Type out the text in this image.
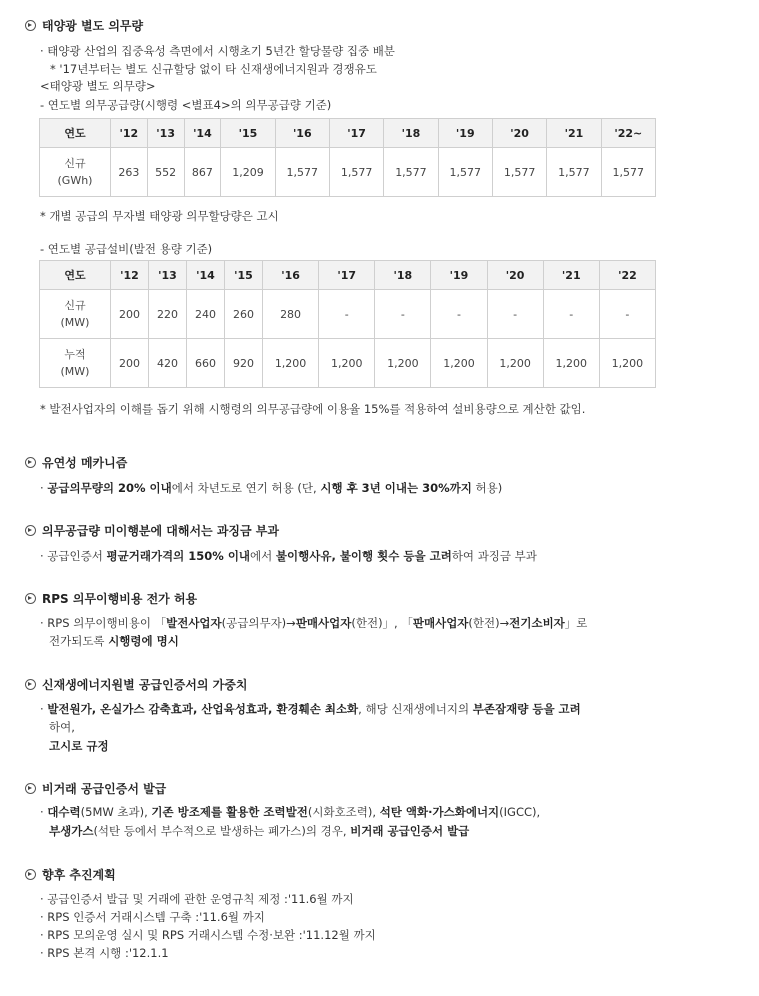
태양광 별도 의무량
· 태양광 산업의 집중육성 측면에서 시행초기 5년간 할당물량 집중 배분
* '17년부터는 별도 신규할당 없이 타 신재생에너지원과 경쟁유도
<태양광 별도 의무량>
- 연도별 의무공급량(시행령 <별표4>의 의무공급량 기준)
연도	'12	'13	'14	'15	'16	'17	'18	'19	'20	'21	'22~
신규
(GWh)	263	552	867	1,209	1,577	1,577	1,577	1,577	1,577	1,577	1,577
* 개별 공급의 무자별 태양광 의무할당량은 고시
- 연도별 공급설비(발전 용량 기준)
연도	'12	'13	'14	'15	'16	'17	'18	'19	'20	'21	'22
신규
(MW)	200	220	240	260	280	-	-	-	-	-	-
누적
(MW)	200	420	660	920	1,200	1,200	1,200	1,200	1,200	1,200	1,200
* 발전사업자의 이해를 돕기 위해 시행령의 의무공급량에 이용율 15%를 적용하여 설비용량으로 계산한 값임.
유연성 메카니즘
· 공급의무량의 20% 이내에서 차년도로 연기 허용 (단, 시행 후 3년 이내는 30%까지 허용)
의무공급량 미이행분에 대해서는 과징금 부과
· 공급인증서 평균거래가격의 150% 이내에서 불이행사유, 불이행 횟수 등을 고려하여 과징금 부과
RPS 의무이행비용 전가 허용
· RPS 의무이행비용이 「발전사업자(공급의무자)→판매사업자(한전)」, 「판매사업자(한전)→전기소비자」로
전가되도록 시행령에 명시
신재생에너지원별 공급인증서의 가중치
· 발전원가, 온실가스 감축효과, 산업육성효과, 환경훼손 최소화, 해당 신재생에너지의 부존잠재량 등을 고려
하여,
고시로 규정
비거래 공급인증서 발급
· 대수력(5MW 초과), 기존 방조제를 활용한 조력발전(시화호조력), 석탄 액화·가스화에너지(IGCC),
부생가스(석탄 등에서 부수적으로 발생하는 폐가스)의 경우, 비거래 공급인증서 발급
향후 추진계획
· 공급인증서 발급 및 거래에 관한 운영규칙 제정 :'11.6월 까지
· RPS 인증서 거래시스템 구축 :'11.6월 까지
· RPS 모의운영 실시 및 RPS 거래시스템 수정·보완 :'11.12월 까지
· RPS 본격 시행 :'12.1.1
